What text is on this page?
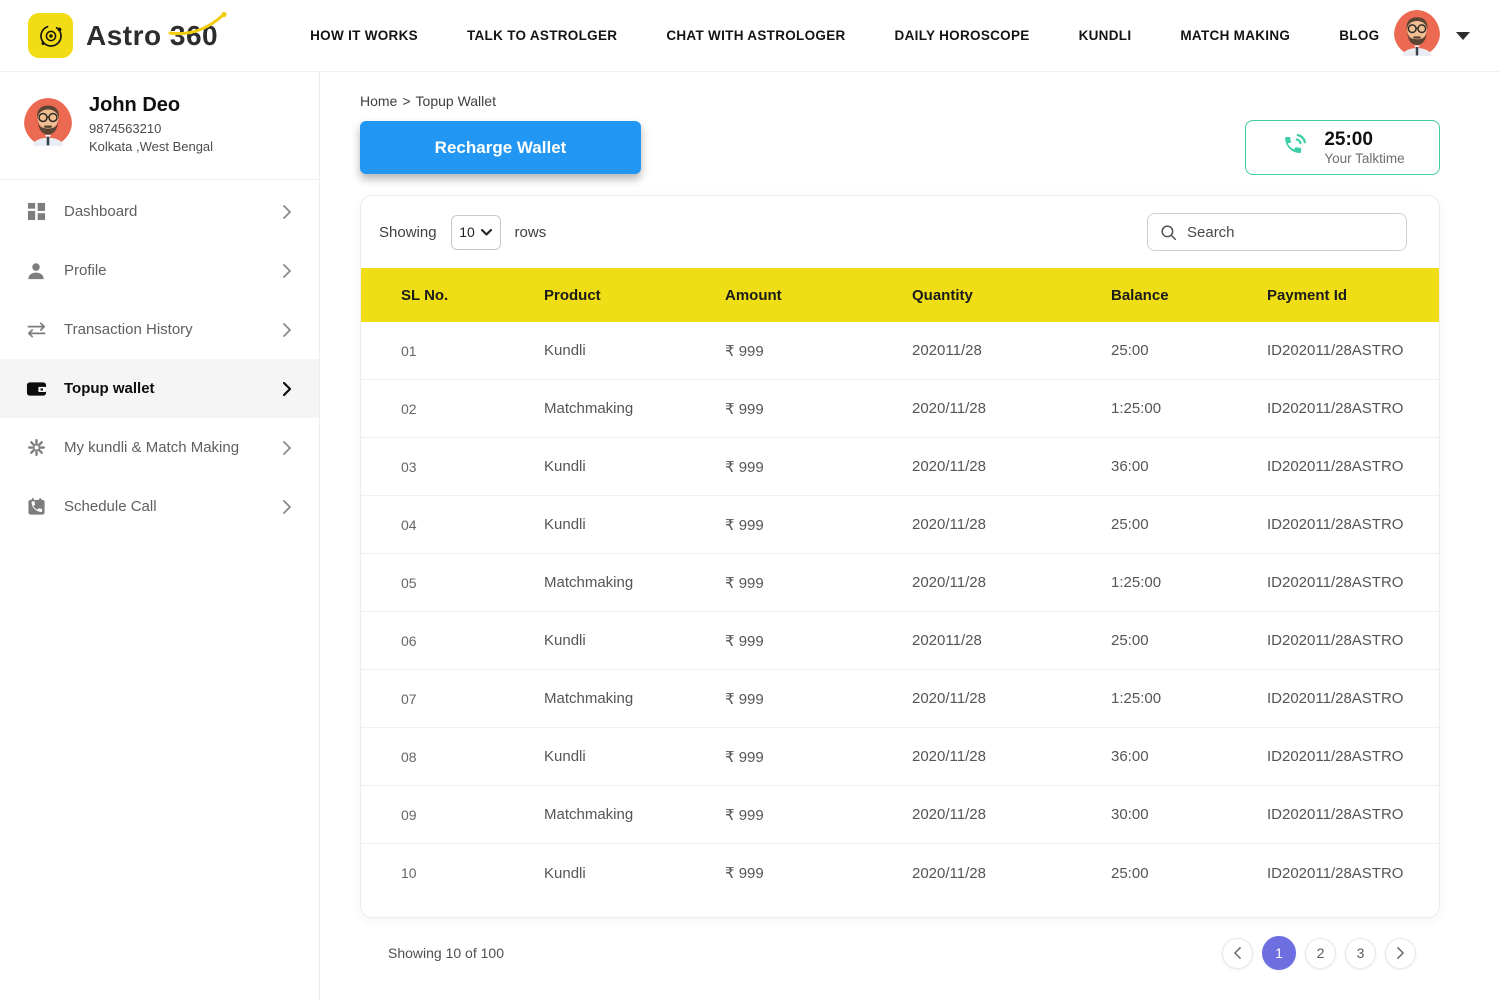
Astro 360	HOW IT WORKS	TALK TO ASTROLGER	CHAT WITH ASTROLOGER	DAILY HOROSCOPE	KUNDLI	MATCH MAKING	BLOG
John Deo
9874563210
Kolkata ,West Bengal
Dashboard
Profile
Transaction History
Topup wallet
My kundli & Match Making
Schedule Call
Home > Topup Wallet
Recharge Wallet	25:00
Your Talktime
Showing 10	rows
Search
SL No.	Product	Amount	Quantity	Balance	Payment Id
01	Kundli	₹ 999	202011/28	25:00	ID202011/28ASTRO
02	Matchmaking	₹ 999	2020/11/28	1:25:00	ID202011/28ASTRO
03	Kundli	₹ 999	2020/11/28	36:00	ID202011/28ASTRO
04	Kundli	₹ 999	2020/11/28	25:00	ID202011/28ASTRO
05	Matchmaking	₹ 999	2020/11/28	1:25:00	ID202011/28ASTRO
06	Kundli	₹ 999	202011/28	25:00	ID202011/28ASTRO
07	Matchmaking	₹ 999	2020/11/28	1:25:00	ID202011/28ASTRO
08	Kundli	₹ 999	2020/11/28	36:00	ID202011/28ASTRO
09	Matchmaking	₹ 999	2020/11/28	30:00	ID202011/28ASTRO
10	Kundli	₹ 999	2020/11/28	25:00	ID202011/28ASTRO
Showing 10 of 100	1	2	3
